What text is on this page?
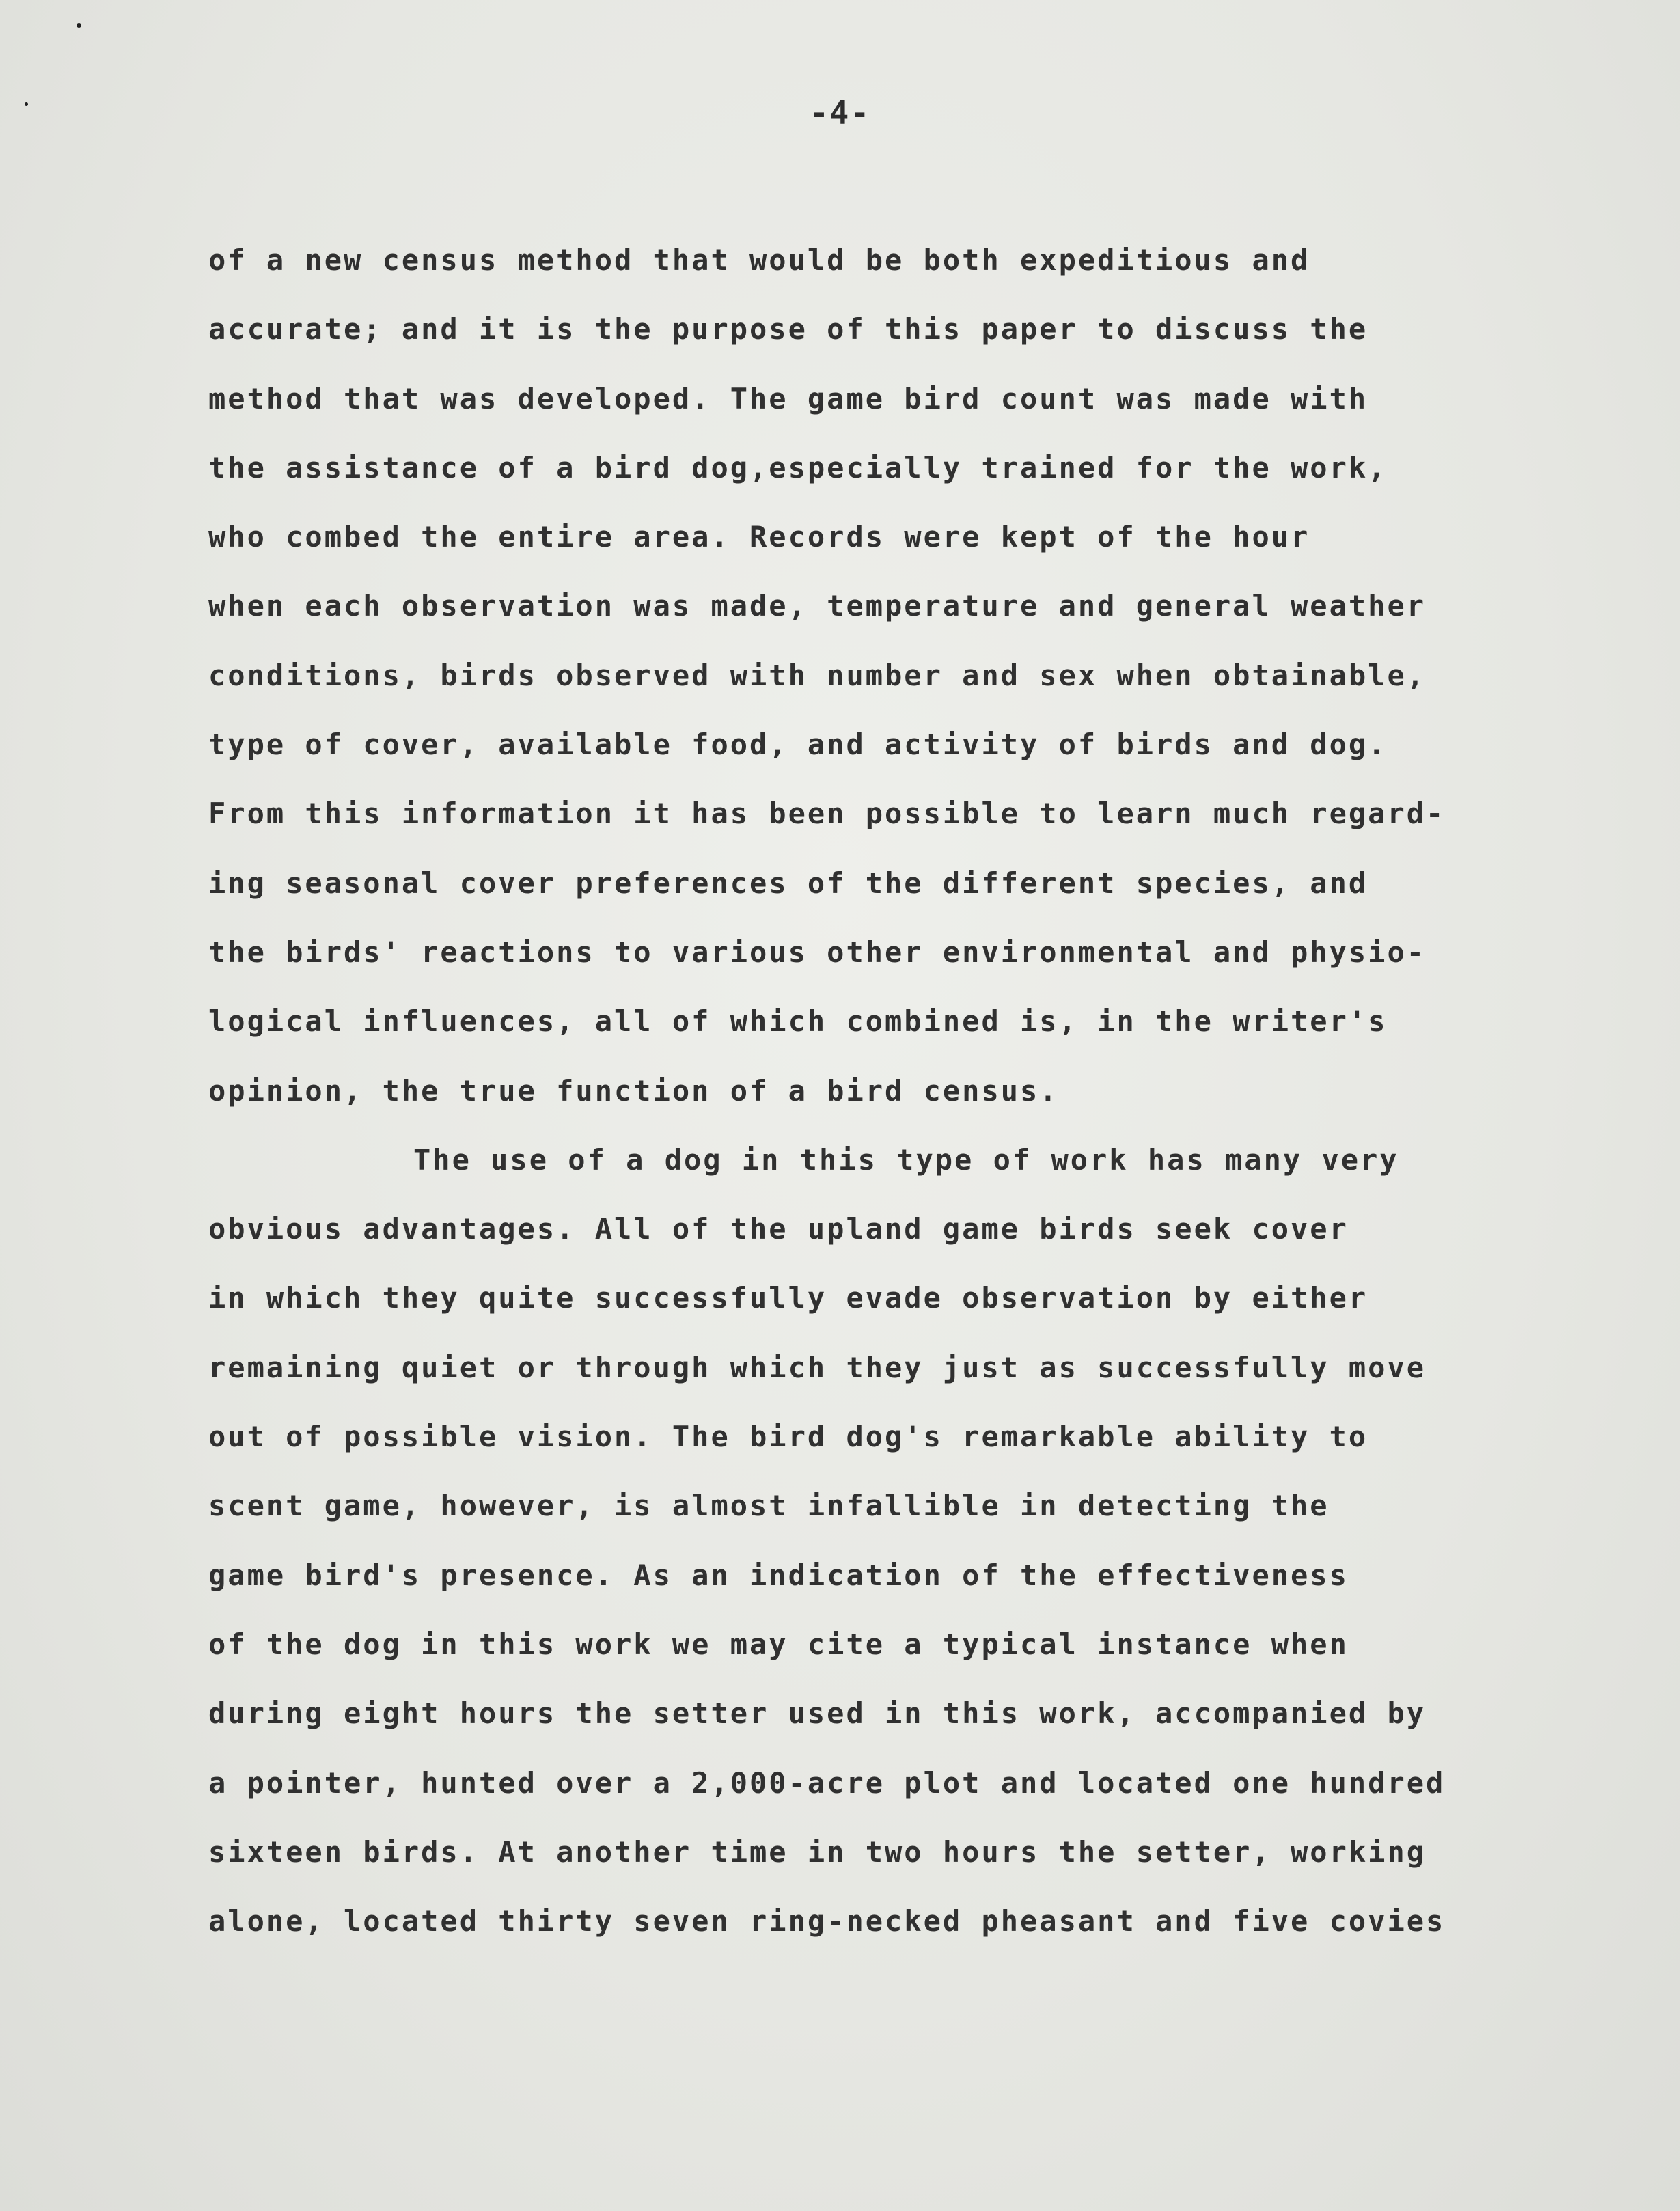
-4-
of a new census method that would be both expeditious and
accurate; and it is the purpose of this paper to discuss the
method that was developed. The game bird count was made with
the assistance of a bird dog,especially trained for the work,
who combed the entire area. Records were kept of the hour
when each observation was made, temperature and general weather
conditions, birds observed with number and sex when obtainable,
type of cover, available food, and activity of birds and dog.
From this information it has been possible to learn much regard-
ing seasonal cover preferences of the different species, and
the birds' reactions to various other environmental and physio-
logical influences, all of which combined is, in the writer's
opinion, the true function of a bird census.
The use of a dog in this type of work has many very
obvious advantages. All of the upland game birds seek cover
in which they quite successfully evade observation by either
remaining quiet or through which they just as successfully move
out of possible vision. The bird dog's remarkable ability to
scent game, however, is almost infallible in detecting the
game bird's presence. As an indication of the effectiveness
of the dog in this work we may cite a typical instance when
during eight hours the setter used in this work, accompanied by
a pointer, hunted over a 2,000-acre plot and located one hundred
sixteen birds. At another time in two hours the setter, working
alone, located thirty seven ring-necked pheasant and five covies
